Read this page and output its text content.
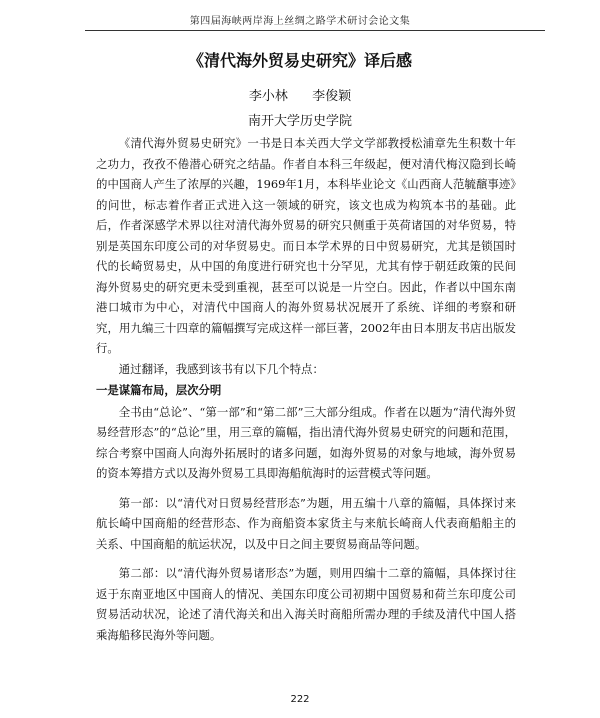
第四届海峡两岸海上丝绸之路学术研讨会论文集
《清代海外贸易史研究》译后感
李小林 李俊颖
南开大学历史学院

《清代海外贸易史研究》一书是日本关西大学文学部教授松浦章先生积数十年之功力，孜孜不倦潜心研究之结晶。作者自本科三年级起，便对清代梅汉隐到长崎的中国商人产生了浓厚的兴趣，1969年1月，本科毕业论文《山西商人范毓馪事迹》的问世，标志着作者正式进入这一领域的研究，该文也成为构筑本书的基础。此后，作者深感学术界以往对清代海外贸易的研究只侧重于英荷诸国的对华贸易，特别是英国东印度公司的对华贸易史。而日本学术界的日中贸易研究，尤其是锁国时代的长崎贸易史，从中国的角度进行研究也十分罕见，尤其有悖于朝廷政策的民间海外贸易史的研究更未受到重视，甚至可以说是一片空白。因此，作者以中国东南港口城市为中心，对清代中国商人的海外贸易状况展开了系统、详细的考察和研究，用九编三十四章的篇幅撰写完成这样一部巨著，2002年由日本朋友书店出版发行。

通过翻译，我感到该书有以下几个特点：

一是谋篇布局，层次分明

全书由“总论”、“第一部”和“第二部”三大部分组成。作者在以题为“清代海外贸易经营形态”的“总论”里，用三章的篇幅，指出清代海外贸易史研究的问题和范围，综合考察中国商人向海外拓展时的诸多问题，如海外贸易的对象与地域，海外贸易的资本筹措方式以及海外贸易工具即海船航海时的运营模式等问题。

第一部：以“清代对日贸易经营形态”为题，用五编十八章的篇幅，具体探讨来航长崎中国商船的经营形态、作为商船资本家货主与来航长崎商人代表商船船主的关系、中国商船的航运状况，以及中日之间主要贸易商品等问题。

第二部：以“清代海外贸易诸形态”为题，则用四编十二章的篇幅，具体探讨往返于东南亚地区中国商人的情况、美国东印度公司初期中国贸易和荷兰东印度公司贸易活动状况，论述了清代海关和出入海关时商船所需办理的手续及清代中国人搭乘海船移民海外等问题。

222
